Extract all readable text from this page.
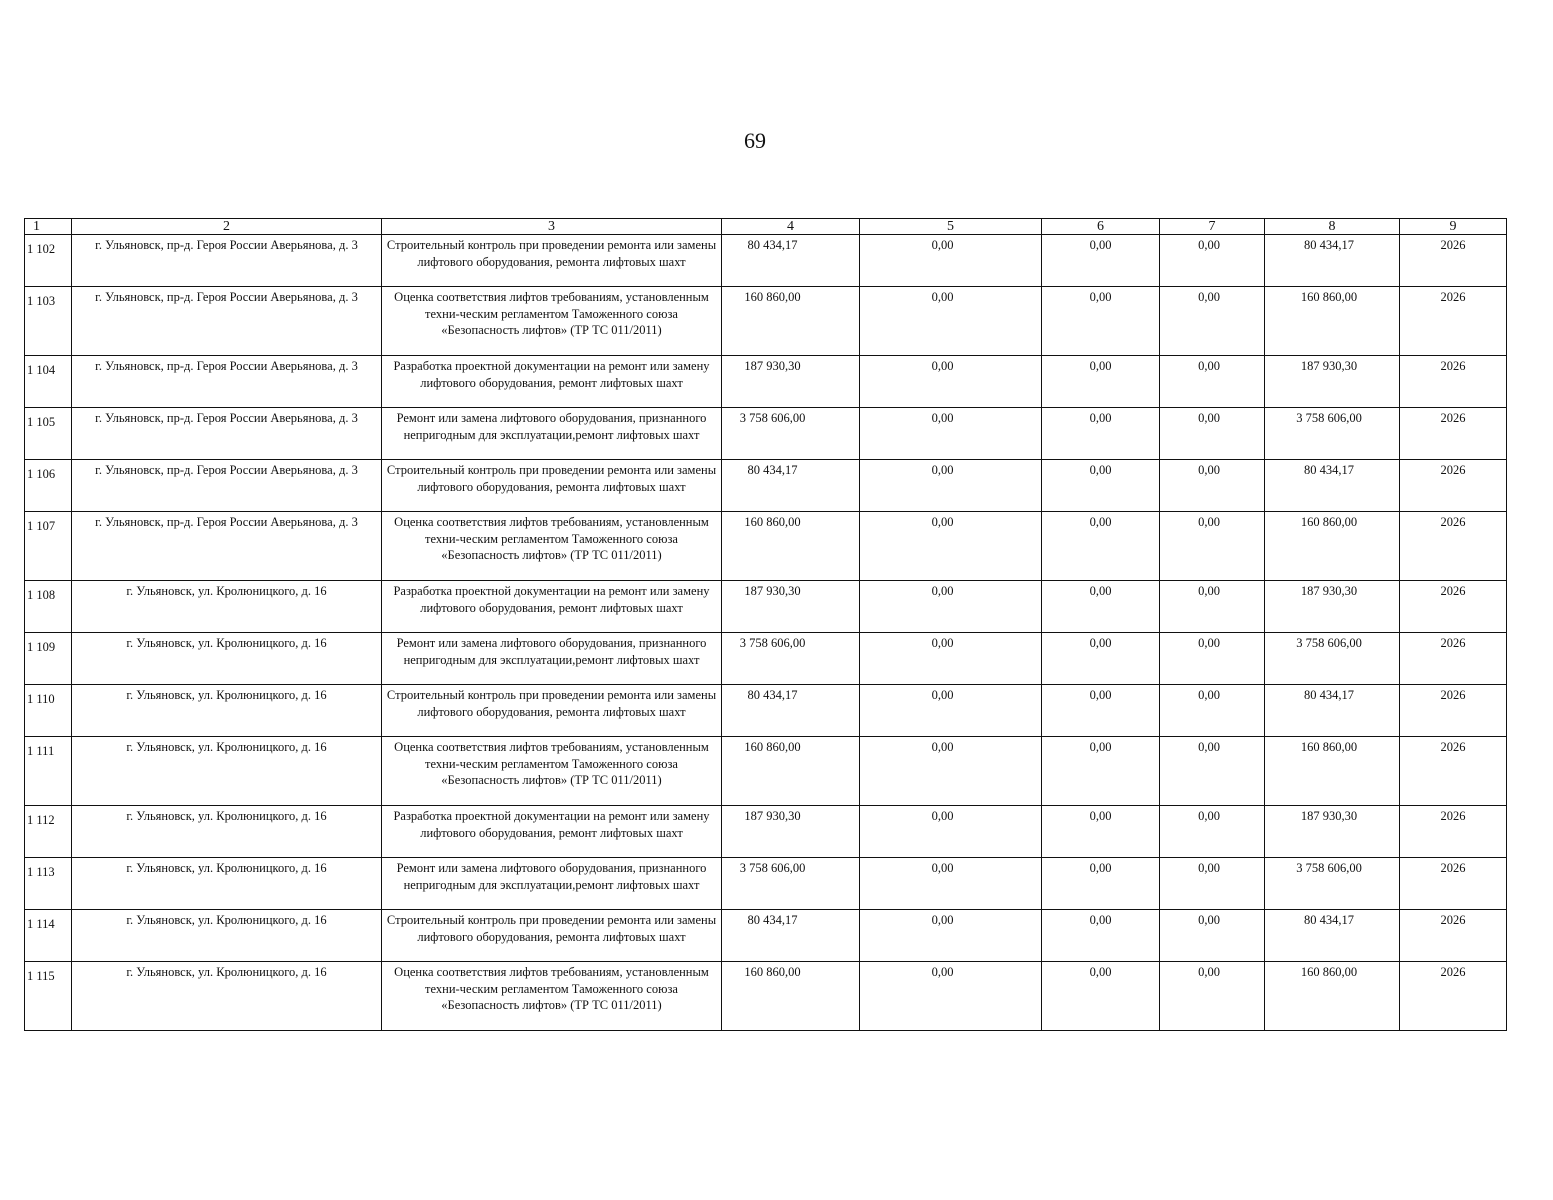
69
1	2	3	4	5	6	7	8	9
1 102	г. Ульяновск, пр-д. Героя России Аверьянова, д. 3	Строительный контроль при проведении ремонта или замены лифтового оборудования, ремонта лифтовых шахт	80 434,17	0,00	0,00	0,00	80 434,17	2026
1 103	г. Ульяновск, пр-д. Героя России Аверьянова, д. 3	Оценка соответствия лифтов требованиям, установленным техни-ческим регламентом Таможенного союза «Безопасность лифтов» (ТР ТС 011/2011)	160 860,00	0,00	0,00	0,00	160 860,00	2026
1 104	г. Ульяновск, пр-д. Героя России Аверьянова, д. 3	Разработка проектной документации на ремонт или замену лифтового оборудования, ремонт лифтовых шахт	187 930,30	0,00	0,00	0,00	187 930,30	2026
1 105	г. Ульяновск, пр-д. Героя России Аверьянова, д. 3	Ремонт или замена лифтового оборудования, признанного непригодным для эксплуатации,ремонт лифтовых шахт	3 758 606,00	0,00	0,00	0,00	3 758 606,00	2026
1 106	г. Ульяновск, пр-д. Героя России Аверьянова, д. 3	Строительный контроль при проведении ремонта или замены лифтового оборудования, ремонта лифтовых шахт	80 434,17	0,00	0,00	0,00	80 434,17	2026
1 107	г. Ульяновск, пр-д. Героя России Аверьянова, д. 3	Оценка соответствия лифтов требованиям, установленным техни-ческим регламентом Таможенного союза «Безопасность лифтов» (ТР ТС 011/2011)	160 860,00	0,00	0,00	0,00	160 860,00	2026
1 108	г. Ульяновск, ул. Кролюницкого, д. 16	Разработка проектной документации на ремонт или замену лифтового оборудования, ремонт лифтовых шахт	187 930,30	0,00	0,00	0,00	187 930,30	2026
1 109	г. Ульяновск, ул. Кролюницкого, д. 16	Ремонт или замена лифтового оборудования, признанного непригодным для эксплуатации,ремонт лифтовых шахт	3 758 606,00	0,00	0,00	0,00	3 758 606,00	2026
1 110	г. Ульяновск, ул. Кролюницкого, д. 16	Строительный контроль при проведении ремонта или замены лифтового оборудования, ремонта лифтовых шахт	80 434,17	0,00	0,00	0,00	80 434,17	2026
1 111	г. Ульяновск, ул. Кролюницкого, д. 16	Оценка соответствия лифтов требованиям, установленным техни-ческим регламентом Таможенного союза «Безопасность лифтов» (ТР ТС 011/2011)	160 860,00	0,00	0,00	0,00	160 860,00	2026
1 112	г. Ульяновск, ул. Кролюницкого, д. 16	Разработка проектной документации на ремонт или замену лифтового оборудования, ремонт лифтовых шахт	187 930,30	0,00	0,00	0,00	187 930,30	2026
1 113	г. Ульяновск, ул. Кролюницкого, д. 16	Ремонт или замена лифтового оборудования, признанного непригодным для эксплуатации,ремонт лифтовых шахт	3 758 606,00	0,00	0,00	0,00	3 758 606,00	2026
1 114	г. Ульяновск, ул. Кролюницкого, д. 16	Строительный контроль при проведении ремонта или замены лифтового оборудования, ремонта лифтовых шахт	80 434,17	0,00	0,00	0,00	80 434,17	2026
1 115	г. Ульяновск, ул. Кролюницкого, д. 16	Оценка соответствия лифтов требованиям, установленным техни-ческим регламентом Таможенного союза «Безопасность лифтов» (ТР ТС 011/2011)	160 860,00	0,00	0,00	0,00	160 860,00	2026
